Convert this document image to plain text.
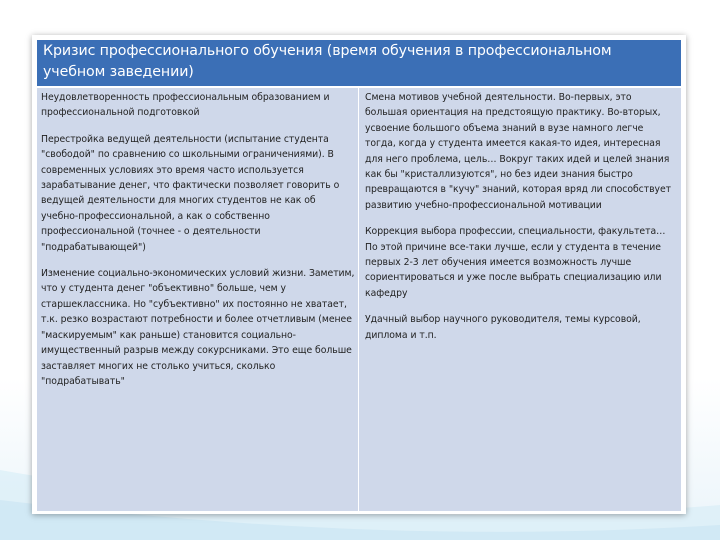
Кризис профессионального обучения (время обучения в профессиональном учебном заведении)

Неудовлетворенность профессиональным образованием и профессиональной подготовкой

Перестройка ведущей деятельности (испытание студента "свободой" по сравнению со школьными ограничениями). В современных условиях это время часто используется зарабатывание денег, что фактически позволяет говорить о ведущей деятельности для многих студентов не как об учебно-профессиональной, а как о собственно профессиональной (точнее - о деятельности "подрабатывающей")

Изменение социально-экономических условий жизни. Заметим, что у студента денег "объективно" больше, чем у старшеклассника. Но "субъективно" их постоянно не хватает, т.к. резко возрастают потребности и более отчетливым (менее "маскируемым" как раньше) становится социально-имущественный разрыв между сокурсниками. Это еще больше заставляет многих не столько учиться, сколько "подрабатывать"

Смена мотивов учебной деятельности. Во-первых, это большая ориентация на предстоящую практику. Во-вторых, усвоение большого объема знаний в вузе намного легче тогда, когда у студента имеется какая-то идея, интересная для него проблема, цель… Вокруг таких идей и целей знания как бы "кристаллизуются", но без идеи знания быстро превращаются в "кучу" знаний, которая вряд ли способствует развитию учебно-профессиональной мотивации

Коррекция выбора профессии, специальности, факультета… По этой причине все-таки лучше, если у студента в течение первых 2-3 лет обучения имеется возможность лучше сориентироваться и уже после выбрать специализацию или кафедру

Удачный выбор научного руководителя, темы курсовой, диплома и т.п.
